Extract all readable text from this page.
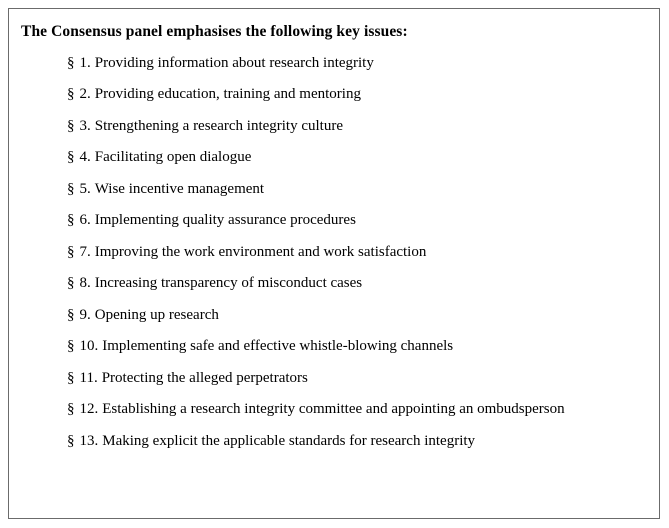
The Consensus panel emphasises the following key issues:

§ 1. Providing information about research integrity
§ 2. Providing education, training and mentoring
§ 3. Strengthening a research integrity culture
§ 4. Facilitating open dialogue
§ 5. Wise incentive management
§ 6. Implementing quality assurance procedures
§ 7. Improving the work environment and work satisfaction
§ 8. Increasing transparency of misconduct cases
§ 9. Opening up research
§ 10. Implementing safe and effective whistle-blowing channels
§ 11. Protecting the alleged perpetrators
§ 12. Establishing a research integrity committee and appointing an ombudsperson
§ 13. Making explicit the applicable standards for research integrity
